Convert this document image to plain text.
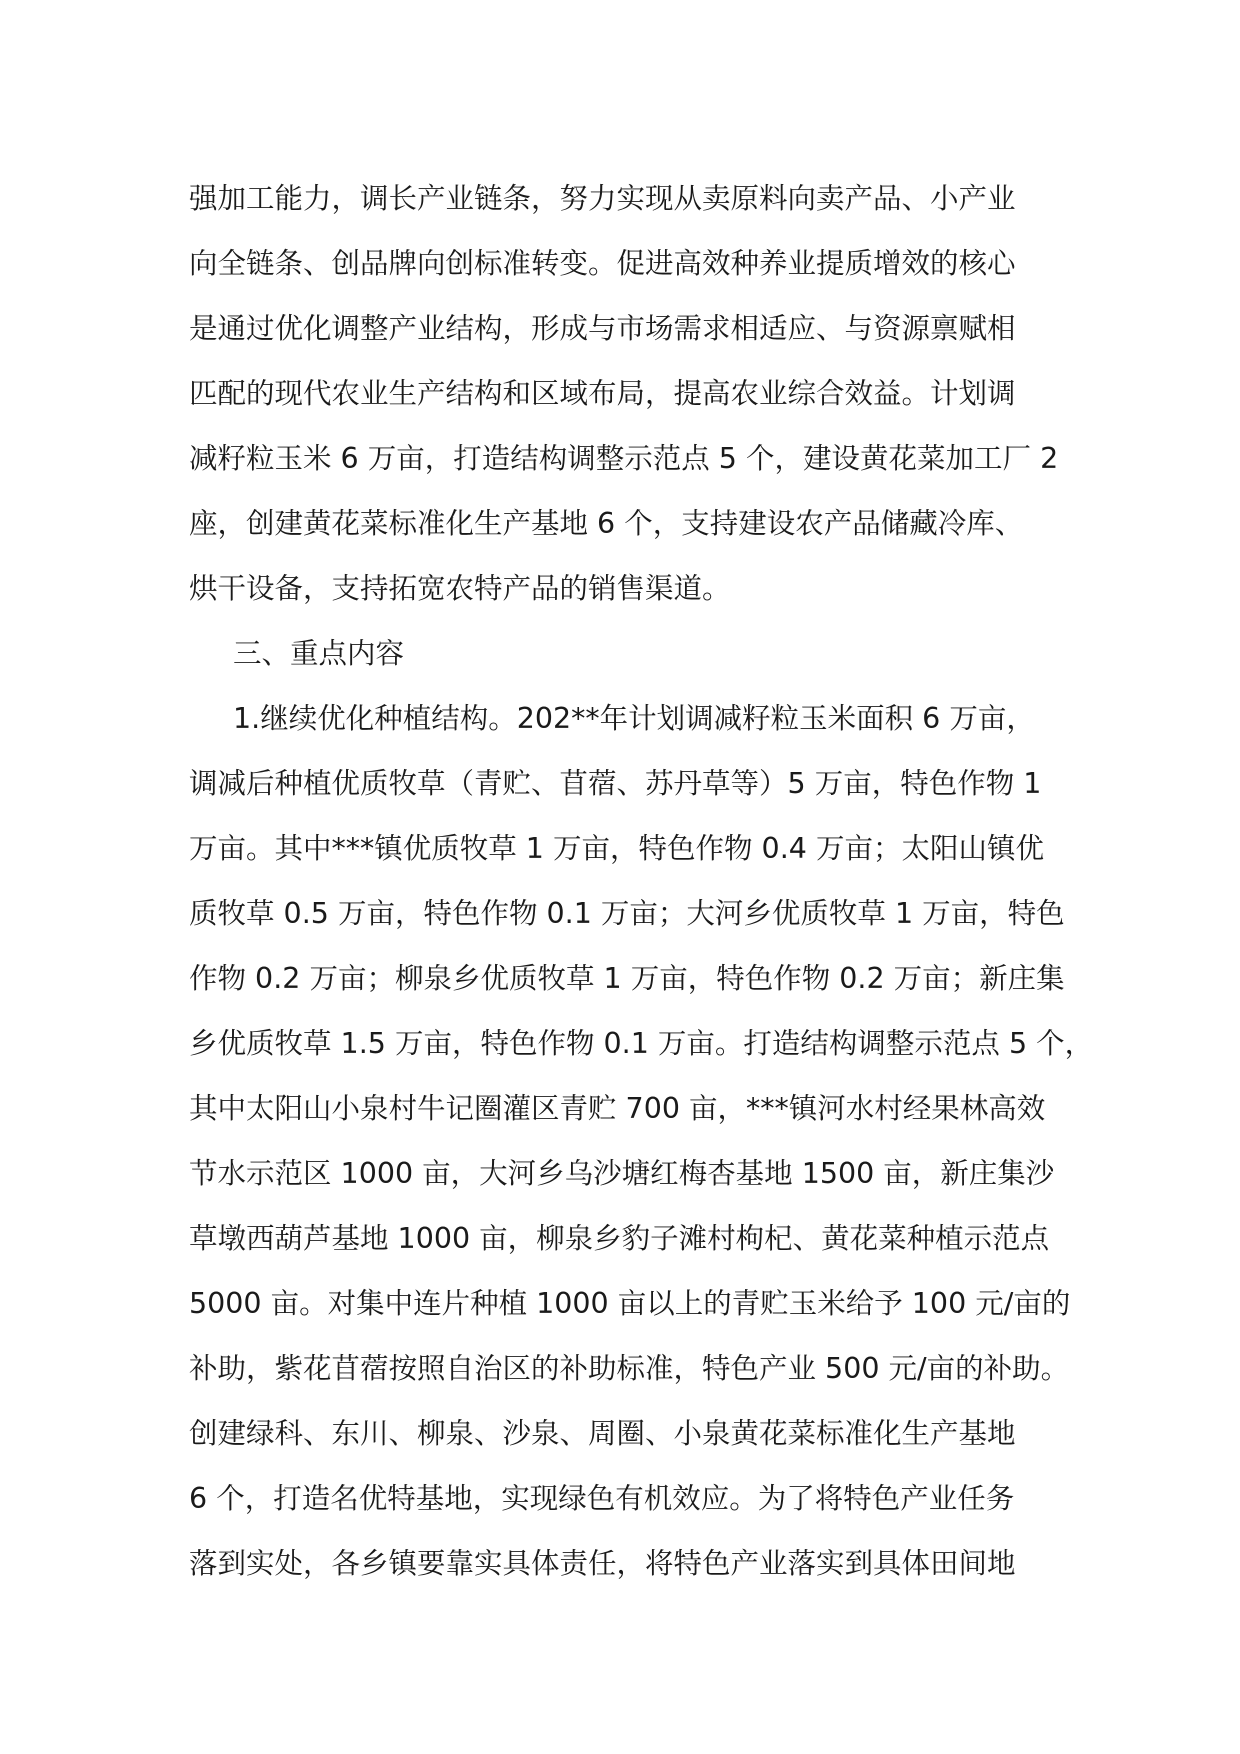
强加工能力，调长产业链条，努力实现从卖原料向卖产品、小产业
向全链条、创品牌向创标准转变。促进高效种养业提质增效的核心
是通过优化调整产业结构，形成与市场需求相适应、与资源禀赋相
匹配的现代农业生产结构和区域布局，提高农业综合效益。计划调
减籽粒玉米 6 万亩，打造结构调整示范点 5 个，建设黄花菜加工厂 2
座，创建黄花菜标准化生产基地 6 个，支持建设农产品储藏冷库、
烘干设备，支持拓宽农特产品的销售渠道。
三、重点内容
1.继续优化种植结构。202**年计划调减籽粒玉米面积 6 万亩，
调减后种植优质牧草（青贮、苜蓿、苏丹草等）5 万亩，特色作物 1
万亩。其中***镇优质牧草 1 万亩，特色作物 0.4 万亩；太阳山镇优
质牧草 0.5 万亩，特色作物 0.1 万亩；大河乡优质牧草 1 万亩，特色
作物 0.2 万亩；柳泉乡优质牧草 1 万亩，特色作物 0.2 万亩；新庄集
乡优质牧草 1.5 万亩，特色作物 0.1 万亩。打造结构调整示范点 5 个，
其中太阳山小泉村牛记圈灌区青贮 700 亩，***镇河水村经果林高效
节水示范区 1000 亩，大河乡乌沙塘红梅杏基地 1500 亩，新庄集沙
草墩西葫芦基地 1000 亩，柳泉乡豹子滩村枸杞、黄花菜种植示范点
5000 亩。对集中连片种植 1000 亩以上的青贮玉米给予 100 元/亩的
补助，紫花苜蓿按照自治区的补助标准，特色产业 500 元/亩的补助。
创建绿科、东川、柳泉、沙泉、周圈、小泉黄花菜标准化生产基地
6 个，打造名优特基地，实现绿色有机效应。为了将特色产业任务
落到实处，各乡镇要靠实具体责任，将特色产业落实到具体田间地
